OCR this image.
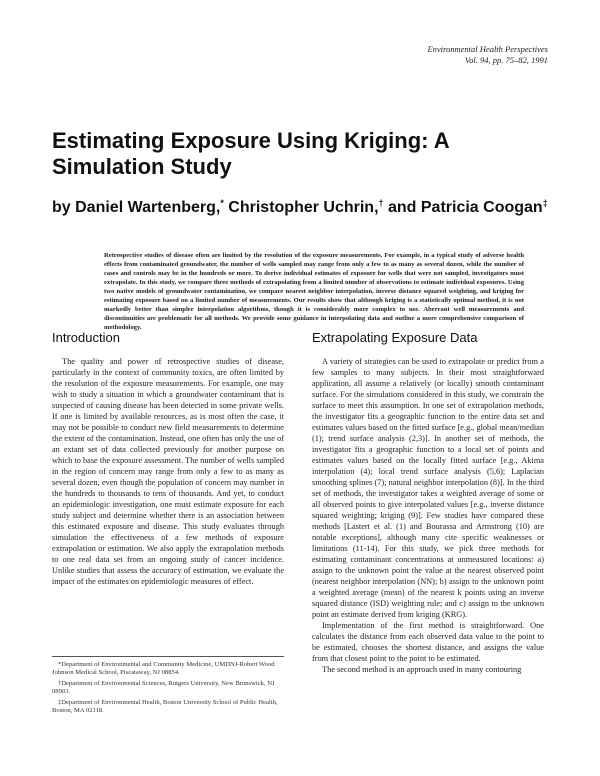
Environmental Health Perspectives
Vol. 94, pp. 75–82, 1991
Estimating Exposure Using Kriging: A Simulation Study
by Daniel Wartenberg,* Christopher Uchrin,† and Patricia Coogan‡
Retrospective studies of disease often are limited by the resolution of the exposure measurements. For example, in a typical study of adverse health effects from contaminated groundwater, the number of wells sampled may range from only a few to as many as several dozen, while the number of cases and controls may be in the hundreds or more. To derive individual estimates of exposure for wells that were not sampled, investigators must extrapolate. In this study, we compare three methods of extrapolating from a limited number of observations to estimate individual exposures. Using two native models of groundwater contamination, we compare nearest neighbor interpolation, inverse distance squared weighting, and kriging for estimating exposure based on a limited number of measurements. Our results show that although kriging is a statistically optimal method, it is not markedly better than simpler interpolation algorithms, though it is considerably more complex to use. Aberrant well measurements and discontinuities are problematic for all methods. We provide some guidance in interpolating data and outline a more comprehensive comparison of methodology.
Introduction

The quality and power of retrospective studies of disease, particularly in the context of community toxics, are often limited by the resolution of the exposure measurements. For example, one may wish to study a situation in which a groundwater contaminant that is suspected of causing disease has been detected in some private wells. If one is limited by available resources, as is most often the case, it may not be possible to conduct new field measurements to determine the extent of the contamination. Instead, one often has only the use of an extant set of data collected previously for another purpose on which to base the exposure assessment. The number of wells sampled in the region of concern may range from only a few to as many as several dozen, even though the population of concern may number in the hundreds to thousands to tens of thousands. And yet, to conduct an epidemiologic investigation, one must estimate exposure for each study subject and determine whether there is an association between this estimated exposure and disease. This study evaluates through simulation the effectiveness of a few methods of exposure extrapolation or estimation. We also apply the extrapolation methods to one real data set from an ongoing study of cancer incidence. Unlike studies that assess the accuracy of estimation, we evaluate the impact of the estimates on epidemiologic measures of effect.

*Department of Environmental and Community Medicine, UMDNJ-Robert Wood Johnson Medical School, Piscataway, NJ 08854.

†Department of Environmental Sciences, Rutgers University, New Brunswick, NJ 08903.

‡Department of Environmental Health, Boston University School of Public Health, Boston, MA 02118.

Extrapolating Exposure Data

A variety of strategies can be used to extrapolate or predict from a few samples to many subjects. In their most straightforward application, all assume a relatively (or locally) smooth contaminant surface. For the simulations considered in this study, we constrain the surface to meet this assumption. In one set of extrapolation methods, the investigator fits a geographic function to the entire data set and estimates values based on the fitted surface [e.g., global mean/median (1); trend surface analysis (2,3)]. In another set of methods, the investigator fits a geographic function to a local set of points and estimates values based on the locally fitted surface [e.g., Akima interpolation (4); local trend surface analysis (5,6); Laplacian smoothing splines (7); natural neighbor interpolation (8)]. In the third set of methods, the investigator takes a weighted average of some or all observed points to give interpolated values [e.g., inverse distance squared weighting; kriging (9)]. Few studies have compared these methods [Lastert et al. (1) and Bourassa and Armstrong (10) are notable exceptions], although many cite specific weaknesses or limitations (11-14). For this study, we pick three methods for estimating contaminant concentrations at unmeasured locations: a) assign to the unknown point the value at the nearest observed point (nearest neighbor interpolation (NN); b) assign to the unknown point a weighted average (mean) of the nearest k points using an inverse squared distance (ISD) weighting rule; and c) assign to the unknown point an estimate derived from kriging (KRG).

Implementation of the first method is straightforward. One calculates the distance from each observed data value to the point to be estimated, chooses the shortest distance, and assigns the value from that closest point to the point to be estimated.

The second method is an approach used in many contouring
